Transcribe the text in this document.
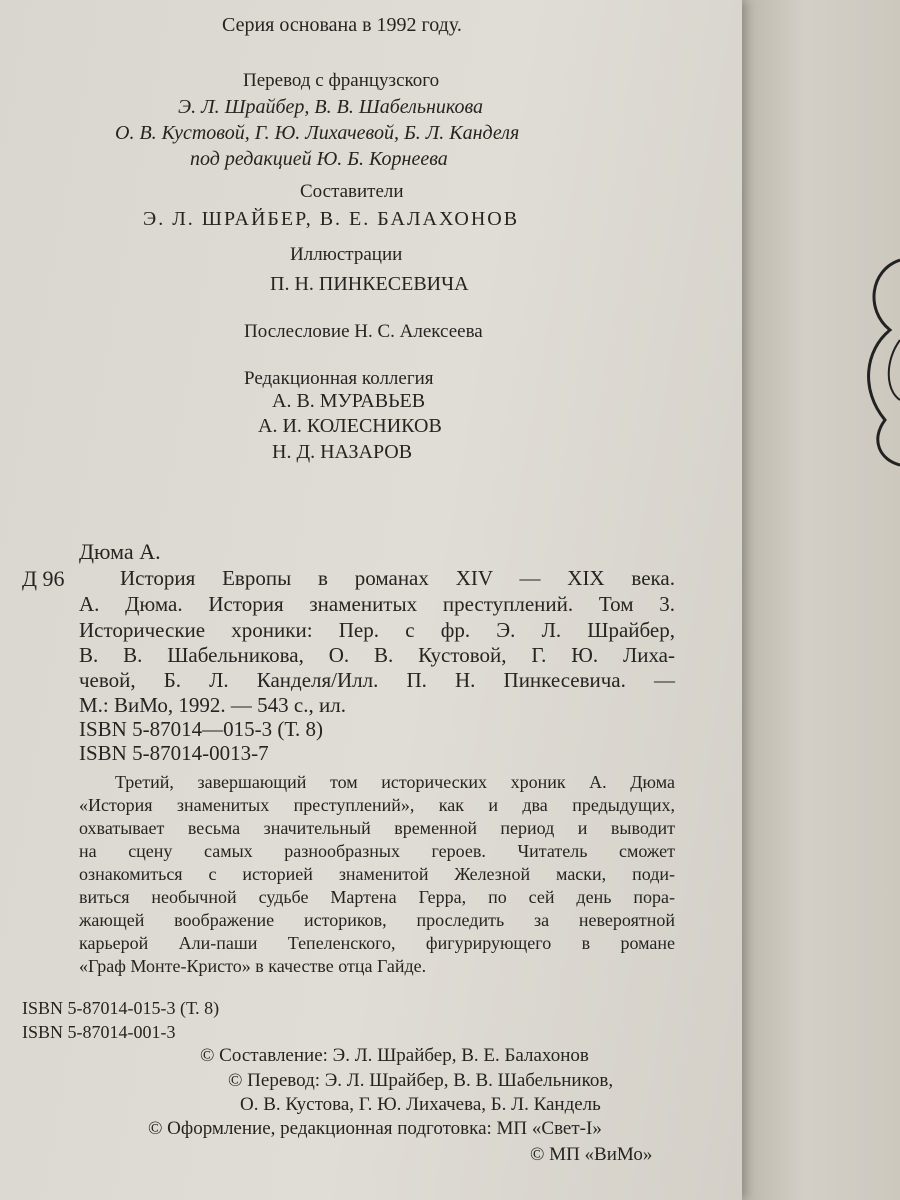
Серия основана в 1992 году.
Перевод с французского
Э. Л. Шрайбер, В. В. Шабельникова
О. В. Кустовой, Г. Ю. Лихачевой, Б. Л. Канделя
под редакцией Ю. Б. Корнеева
Составители
Э. Л. ШРАЙБЕР, В. Е. БАЛАХОНОВ
Иллюстрации
П. Н. ПИНКЕСЕВИЧА
Послесловие Н. С. Алексеева
Редакционная коллегия
А. В. МУРАВЬЕВ
А. И. КОЛЕСНИКОВ
Н. Д. НАЗАРОВ
Дюма А.
Д 96	История Европы в романах XIV — XIX века.
А. Дюма. История знаменитых преступлений. Том 3.
Исторические хроники: Пер. с фр. Э. Л. Шрайбер,
В. В. Шабельникова, О. В. Кустовой, Г. Ю. Лиха-
чевой, Б. Л. Канделя/Илл. П. Н. Пинкесевича. —
М.: ВиМо, 1992. — 543 с., ил.
ISBN 5-87014—015-3 (Т. 8)
ISBN 5-87014-0013-7
Третий, завершающий том исторических хроник А. Дюма
«История знаменитых преступлений», как и два предыдущих,
охватывает весьма значительный временной период и выводит
на сцену самых разнообразных героев. Читатель сможет
ознакомиться с историей знаменитой Железной маски, поди-
виться необычной судьбе Мартена Герра, по сей день пора-
жающей воображение историков, проследить за невероятной
карьерой Али-паши Тепеленского, фигурирующего в романе
«Граф Монте-Кристо» в качестве отца Гайде.
ISBN 5-87014-015-3 (Т. 8)
ISBN 5-87014-001-3
© Составление: Э. Л. Шрайбер, В. Е. Балахонов
© Перевод: Э. Л. Шрайбер, В. В. Шабельников,
О. В. Кустова, Г. Ю. Лихачева, Б. Л. Кандель
© Оформление, редакционная подготовка: МП «Свет-I»
© МП «ВиМо»
